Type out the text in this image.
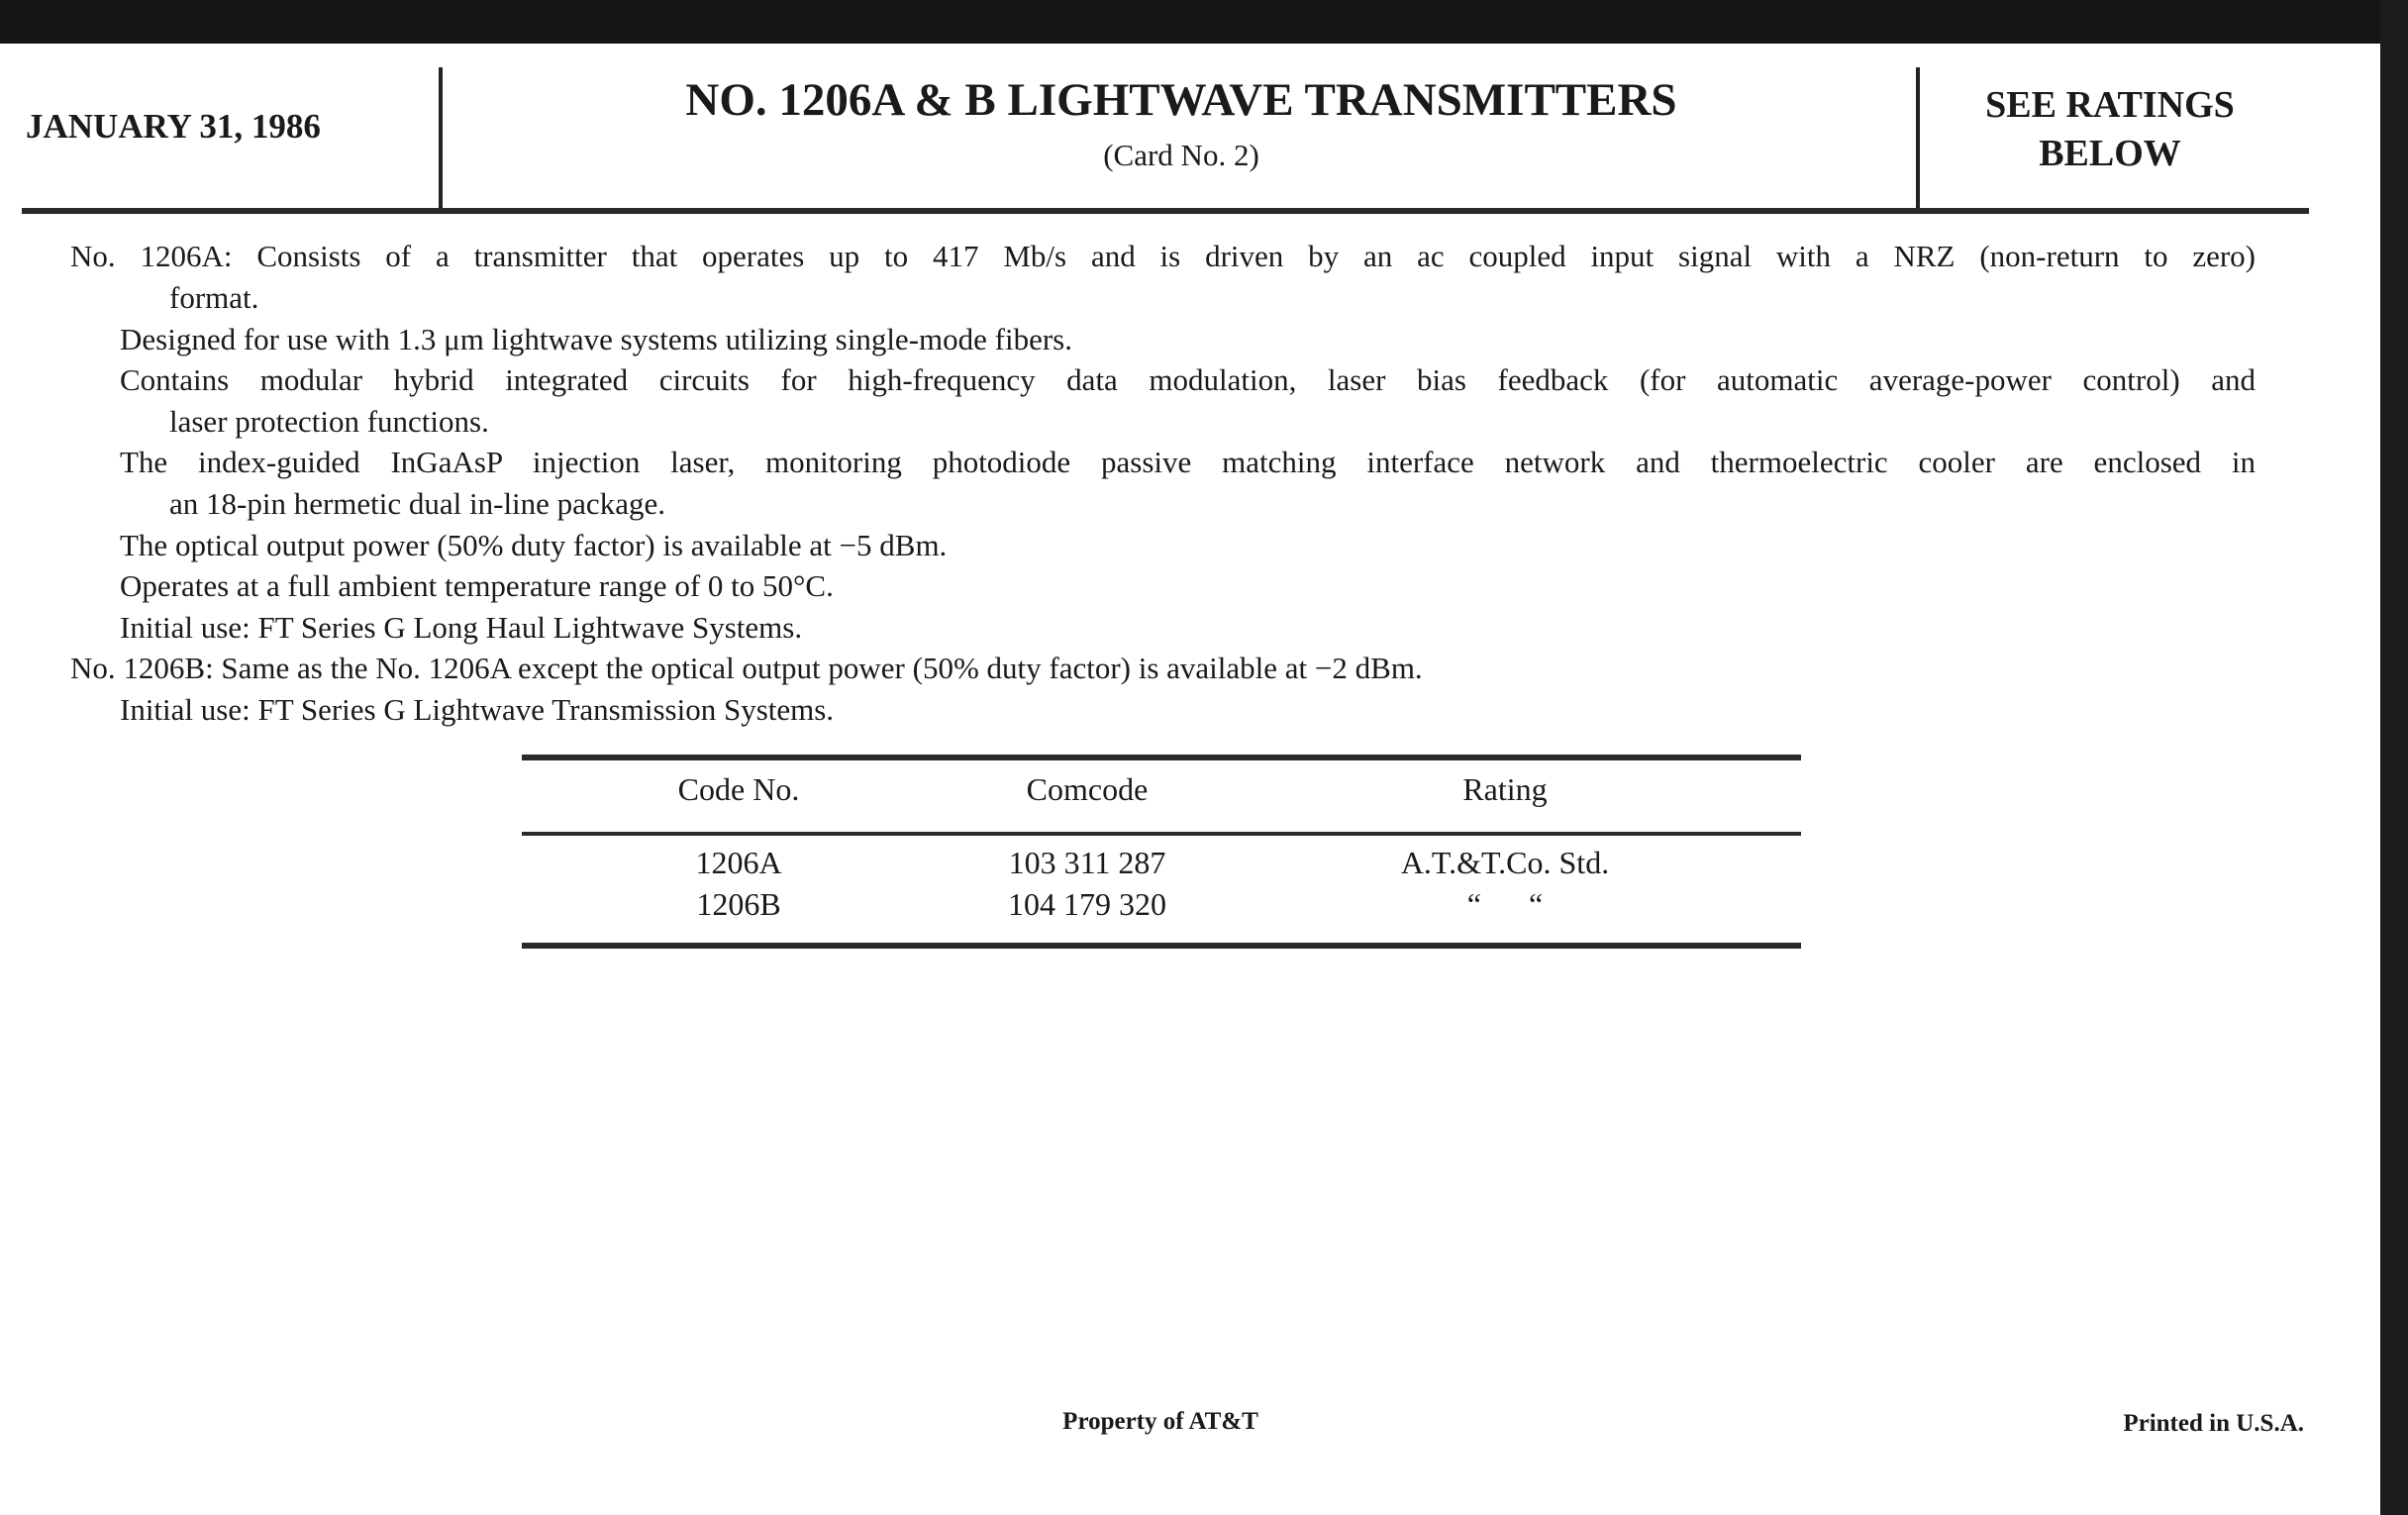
JANUARY 31, 1986
NO. 1206A & B LIGHTWAVE TRANSMITTERS
(Card No. 2)
SEE RATINGS
BELOW
No. 1206A: Consists of a transmitter that operates up to 417 Mb/s and is driven by an ac coupled input signal with a NRZ (non-return to zero)
format.
Designed for use with 1.3 μm lightwave systems utilizing single-mode fibers.
Contains modular hybrid integrated circuits for high-frequency data modulation, laser bias feedback (for automatic average-power control) and
laser protection functions.
The index-guided InGaAsP injection laser, monitoring photodiode passive matching interface network and thermoelectric cooler are enclosed in
an 18-pin hermetic dual in-line package.
The optical output power (50% duty factor) is available at −5 dBm.
Operates at a full ambient temperature range of 0 to 50°C.
Initial use: FT Series G Long Haul Lightwave Systems.
No. 1206B: Same as the No. 1206A except the optical output power (50% duty factor) is available at −2 dBm.
Initial use: FT Series G Lightwave Transmission Systems.
Code No.	Comcode	Rating
1206A	103 311 287	A.T.&T.Co. Std.
1206B	104 179 320	“      “
Property of AT&T	Printed in U.S.A.
